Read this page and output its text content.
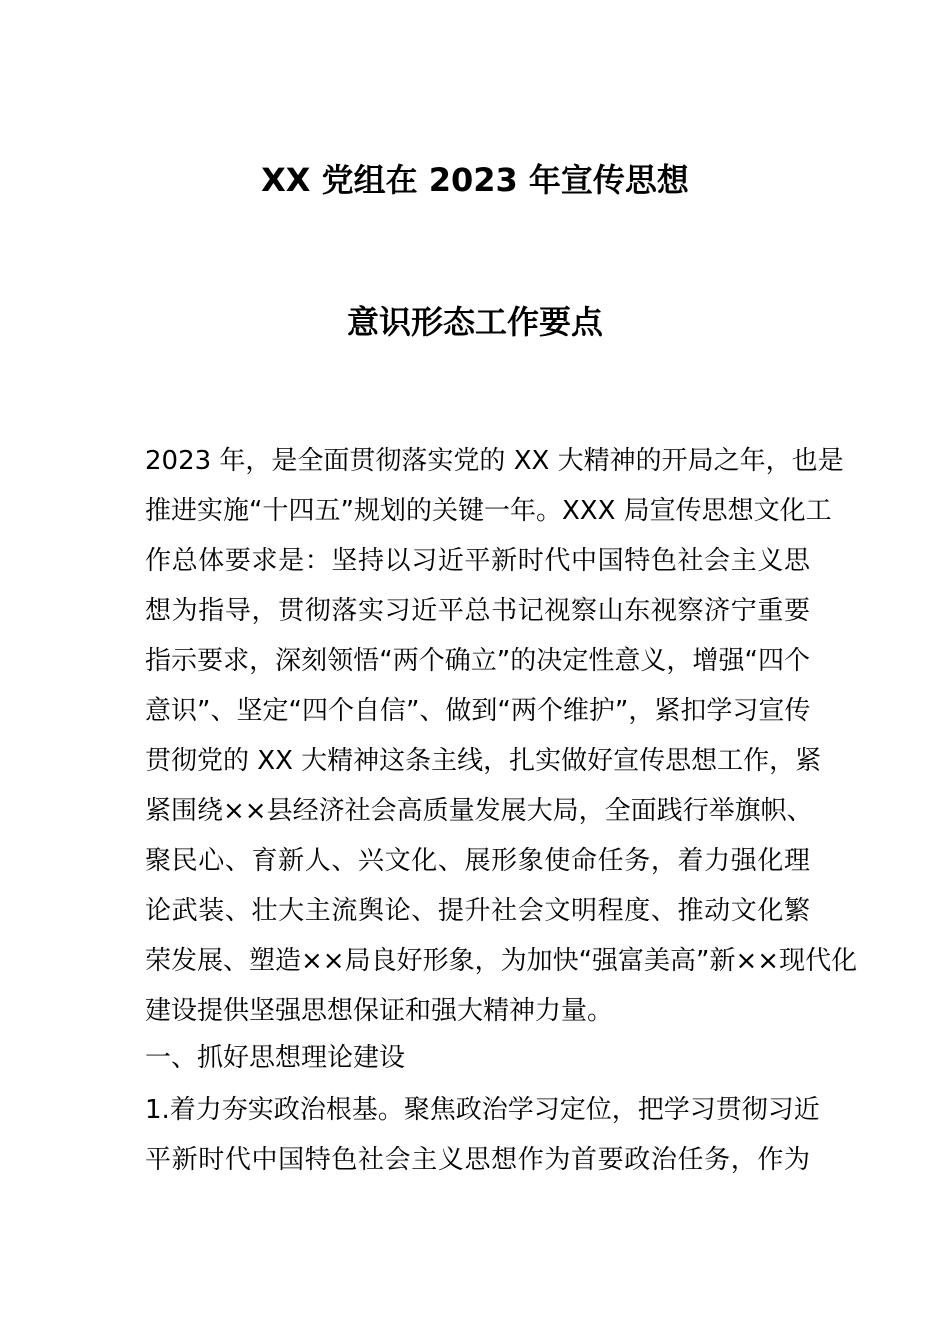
XX 党组在 2023 年宣传思想
意识形态工作要点
2023 年，是全面贯彻落实党的 XX 大精神的开局之年，也是
推进实施“十四五”规划的关键一年。XXX 局宣传思想文化工
作总体要求是：坚持以习近平新时代中国特色社会主义思
想为指导，贯彻落实习近平总书记视察山东视察济宁重要
指示要求，深刻领悟“两个确立”的决定性意义，增强“四个
意识”、坚定“四个自信”、做到“两个维护”，紧扣学习宣传
贯彻党的 XX 大精神这条主线，扎实做好宣传思想工作，紧
紧围绕××县经济社会高质量发展大局，全面践行举旗帜、
聚民心、育新人、兴文化、展形象使命任务，着力强化理
论武装、壮大主流舆论、提升社会文明程度、推动文化繁
荣发展、塑造××局良好形象，为加快“强富美高”新××现代化
建设提供坚强思想保证和强大精神力量。
一、抓好思想理论建设
1.着力夯实政治根基。聚焦政治学习定位，把学习贯彻习近
平新时代中国特色社会主义思想作为首要政治任务，作为
